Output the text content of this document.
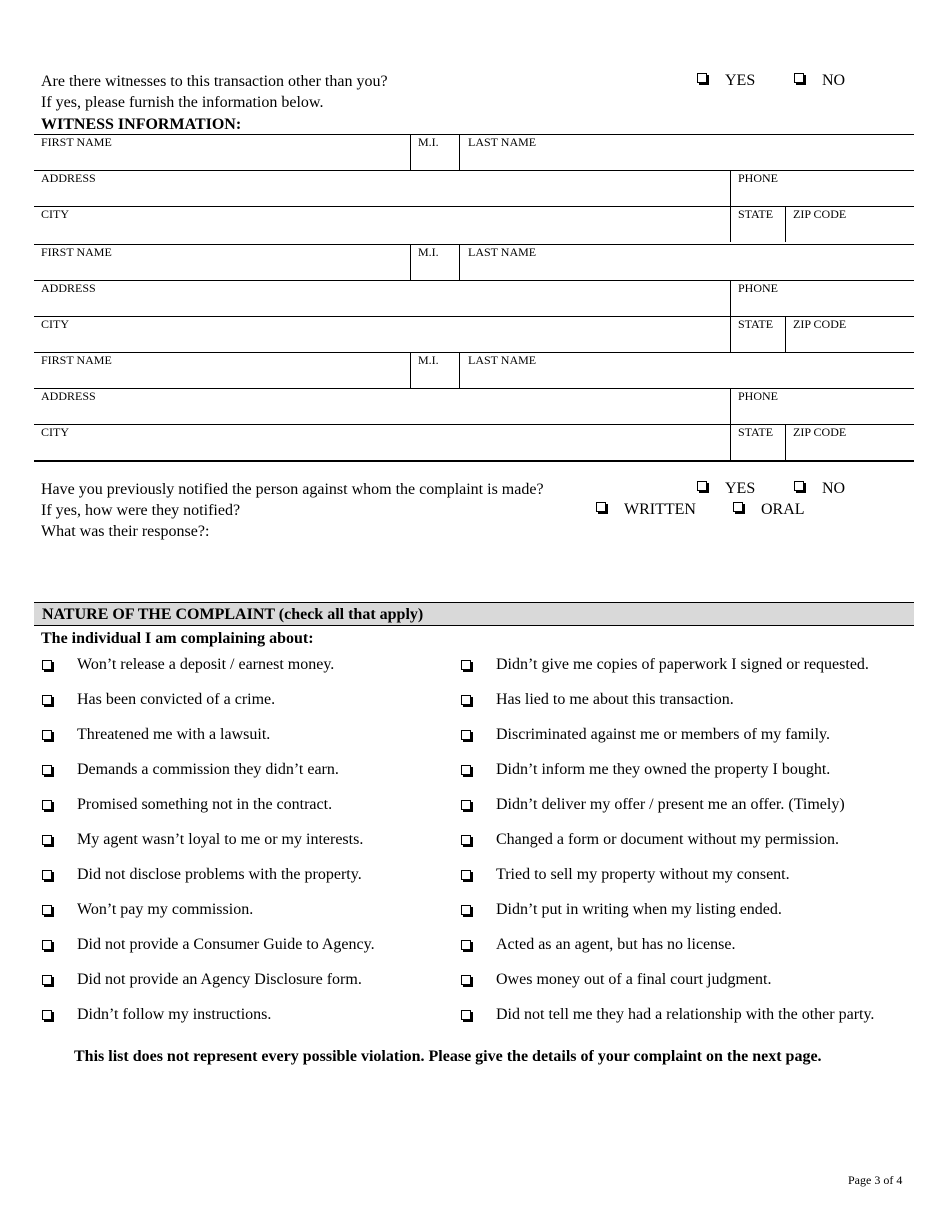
Are there witnesses to this transaction other than you?
If yes, please furnish the information below.
YES	NO
WITNESS INFORMATION:
FIRST NAME	M.I. LAST NAME
ADDRESS	PHONE
CITY	STATE ZIP CODE
FIRST NAME	M.I. LAST NAME
ADDRESS	PHONE
CITY	STATE ZIP CODE
FIRST NAME	M.I. LAST NAME
ADDRESS	PHONE
CITY	STATE ZIP CODE
Have you previously notified the person against whom the complaint is made?	YES	NO
If yes, how were they notified?	WRITTEN	ORAL
What was their response?:
NATURE OF THE COMPLAINT (check all that apply)
The individual I am complaining about:
Won’t release a deposit / earnest money.
Has been convicted of a crime.
Threatened me with a lawsuit.
Demands a commission they didn’t earn.
Promised something not in the contract.
My agent wasn’t loyal to me or my interests.
Did not disclose problems with the property.
Won’t pay my commission.
Did not provide a Consumer Guide to Agency.
Did not provide an Agency Disclosure form.
Didn’t follow my instructions.
Didn’t give me copies of paperwork I signed or requested.
Has lied to me about this transaction.
Discriminated against me or members of my family.
Didn’t inform me they owned the property I bought.
Didn’t deliver my offer / present me an offer. (Timely)
Changed a form or document without my permission.
Tried to sell my property without my consent.
Didn’t put in writing when my listing ended.
Acted as an agent, but has no license.
Owes money out of a final court judgment.
Did not tell me they had a relationship with the other party.
This list does not represent every possible violation. Please give the details of your complaint on the next page.
Page 3 of 4
